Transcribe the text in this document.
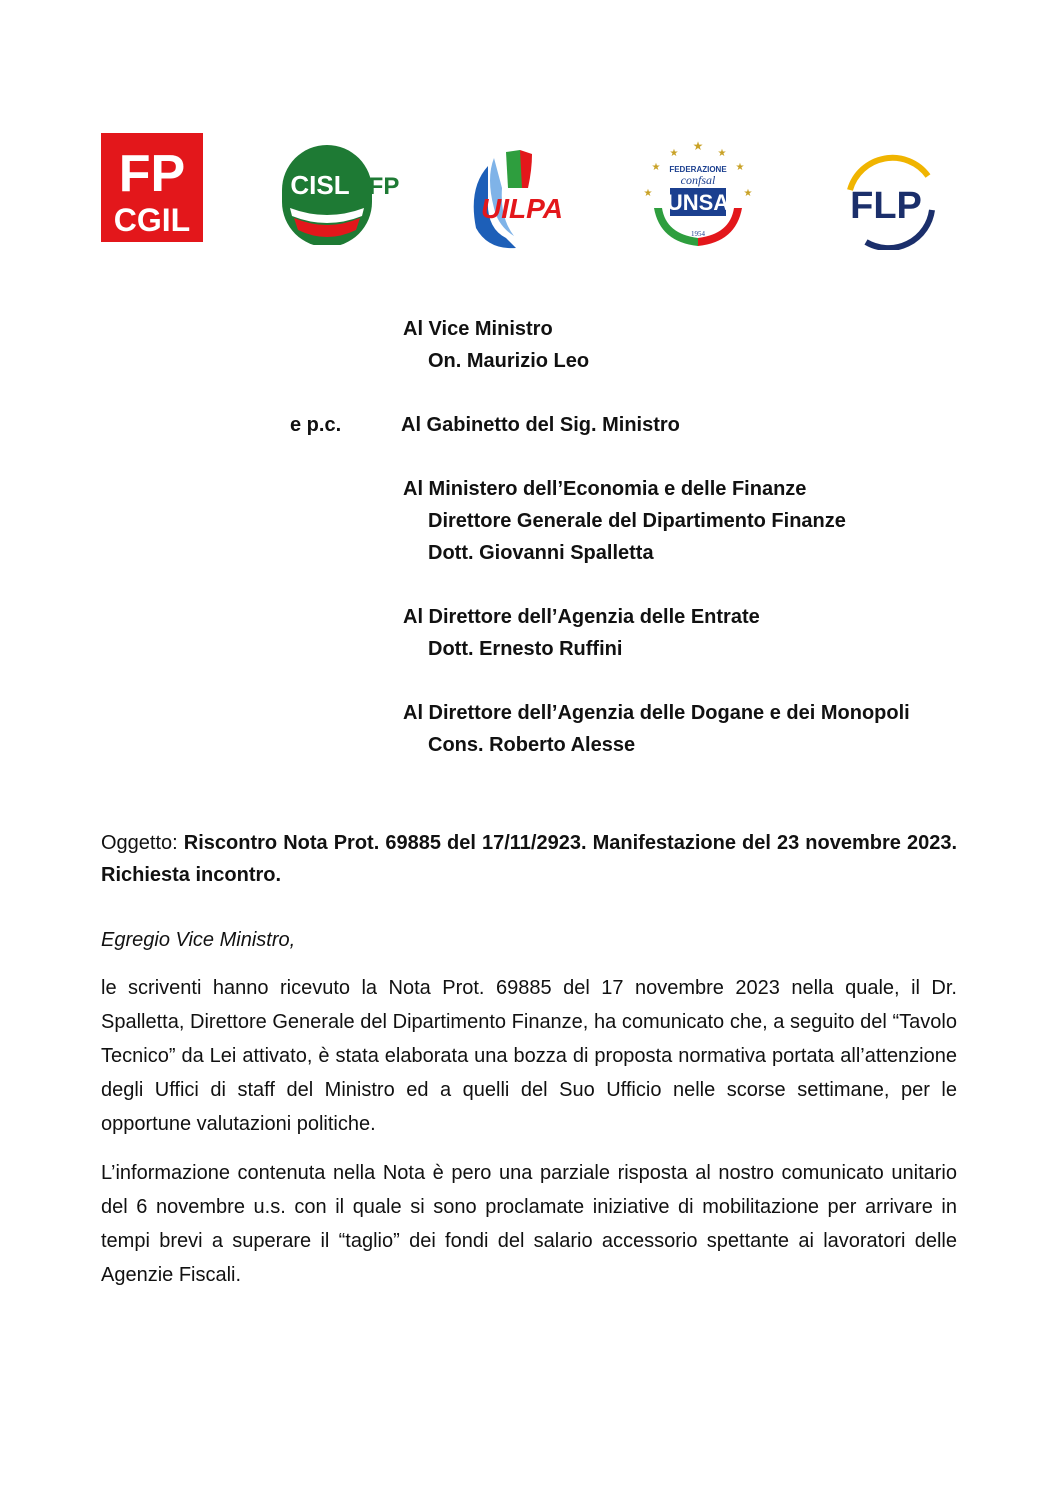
FP
CGIL
CISL FP
UILPA
★
★	★
★	★
★	★
FEDERAZIONE
confsal
UNSA
1954
FLP
Al Vice Ministro
On. Maurizio Leo
e p.c.	Al Gabinetto del Sig. Ministro
Al Ministero dell’Economia e delle Finanze
Direttore Generale del Dipartimento Finanze
Dott. Giovanni Spalletta
Al Direttore dell’Agenzia delle Entrate
Dott. Ernesto Ruffini
Al Direttore dell’Agenzia delle Dogane e dei Monopoli
Cons. Roberto Alesse

Oggetto: Riscontro Nota Prot. 69885 del 17/11/2923. Manifestazione del 23 novembre 2023. Richiesta incontro.

Egregio Vice Ministro,

le scriventi hanno ricevuto la Nota Prot. 69885 del 17 novembre 2023 nella quale, il Dr. Spalletta, Direttore Generale del Dipartimento Finanze, ha comunicato che, a seguito del “Tavolo Tecnico” da Lei attivato, è stata elaborata una bozza di proposta normativa portata all’attenzione degli Uffici di staff del Ministro ed a quelli del Suo Ufficio nelle scorse settimane, per le opportune valutazioni politiche.

L’informazione contenuta nella Nota è pero una parziale risposta al nostro comunicato unitario del 6 novembre u.s. con il quale si sono proclamate iniziative di mobilitazione per arrivare in tempi brevi a superare il “taglio” dei fondi del salario accessorio spettante ai lavoratori delle Agenzie Fiscali.
